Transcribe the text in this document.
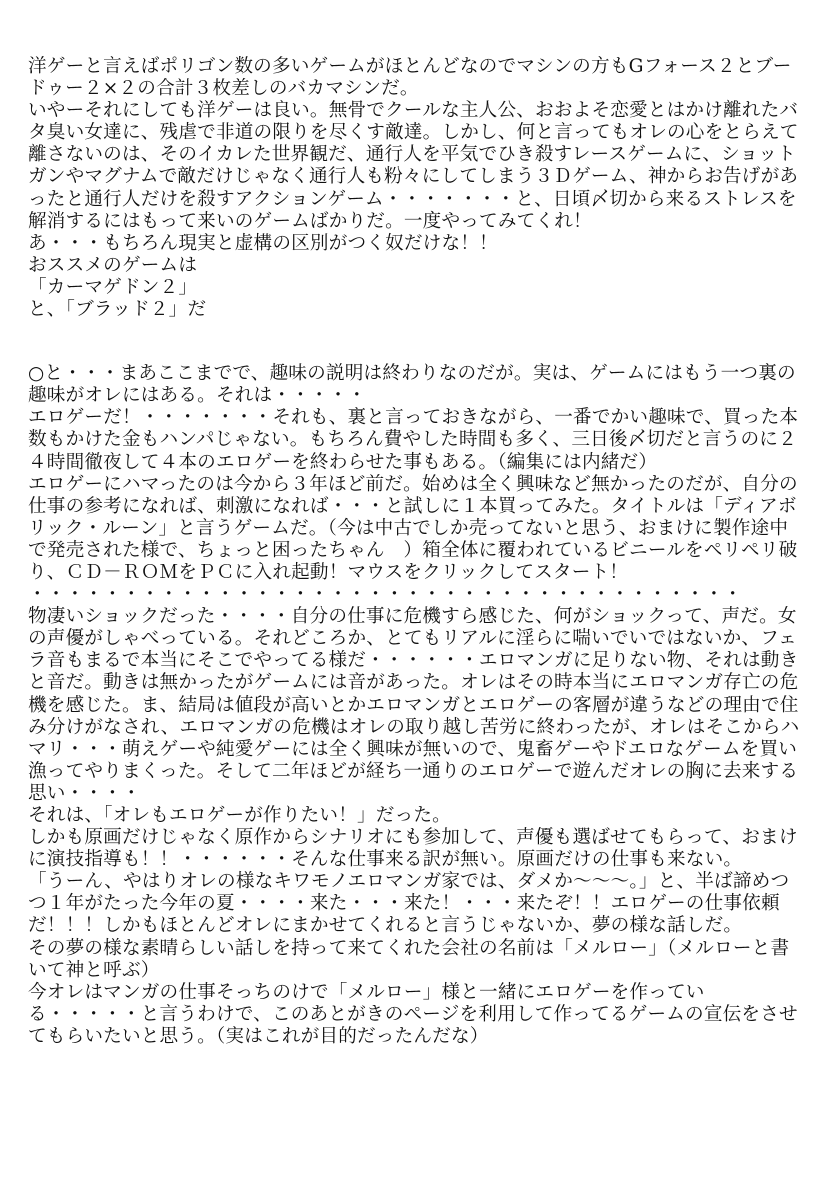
洋ゲーと言えばポリゴン数の多いゲームがほとんどなのでマシンの方もGフォース２とブードゥー２×２の合計３枚差しのバカマシンだ。

いやーそれにしても洋ゲーは良い。無骨でクールな主人公、おおよそ恋愛とはかけ離れたバタ臭い女達に、残虐で非道の限りを尽くす敵達。しかし、何と言ってもオレの心をとらえて離さないのは、そのイカレた世界観だ、通行人を平気でひき殺すレースゲームに、ショットガンやマグナムで敵だけじゃなく通行人も粉々にしてしまう３Ｄゲーム、神からお告げがあったと通行人だけを殺すアクションゲーム・・・・・・・と、日頃〆切から来るストレスを解消するにはもって来いのゲームばかりだ。一度やってみてくれ！

あ・・・もちろん現実と虚構の区別がつく奴だけな！！

おススメのゲームは

「カーマゲドン２」

と、「ブラッド２」だ

○と・・・まあここまでで、趣味の説明は終わりなのだが。実は、ゲームにはもう一つ裏の趣味がオレにはある。それは・・・・・

エロゲーだ！・・・・・・・それも、裏と言っておきながら、一番でかい趣味で、買った本数もかけた金もハンパじゃない。もちろん費やした時間も多く、三日後〆切だと言うのに２４時間徹夜して４本のエロゲーを終わらせた事もある。（編集には内緒だ）

エロゲーにハマったのは今から３年ほど前だ。始めは全く興味など無かったのだが、自分の仕事の参考になれば、刺激になれば・・・と試しに１本買ってみた。タイトルは「ディアボリック・ルーン」と言うゲームだ。（今は中古でしか売ってないと思う、おまけに製作途中で発売された様で、ちょっと困ったちゃん　）箱全体に覆われているビニールをペリペリ破り、ＣＤ－ＲＯＭをＰＣに入れ起動！マウスをクリックしてスタート！

・・・・・・・・・・・・・・・・・・・・・・・・・・・・・・・・・・・・・・

物凄いショックだった・・・・自分の仕事に危機すら感じた、何がショックって、声だ。女の声優がしゃべっている。それどころか、とてもリアルに淫らに喘いでいではないか、フェラ音もまるで本当にそこでやってる様だ・・・・・・エロマンガに足りない物、それは動きと音だ。動きは無かったがゲームには音があった。オレはその時本当にエロマンガ存亡の危機を感じた。ま、結局は値段が高いとかエロマンガとエロゲーの客層が違うなどの理由で住み分けがなされ、エロマンガの危機はオレの取り越し苦労に終わったが、オレはそこからハマリ・・・萌えゲーや純愛ゲーには全く興味が無いので、鬼畜ゲーやドエロなゲームを買い漁ってやりまくった。そして二年ほどが経ち一通りのエロゲーで遊んだオレの胸に去来する思い・・・・

それは、「オレもエロゲーが作りたい！」だった。

しかも原画だけじゃなく原作からシナリオにも参加して、声優も選ばせてもらって、おまけに演技指導も！！・・・・・・そんな仕事来る訳が無い。原画だけの仕事も来ない。

「うーん、やはりオレの様なキワモノエロマンガ家では、ダメか～～～。」と、半ば諦めつつ１年がたった今年の夏・・・・来た・・・来た！・・・来たぞ！！エロゲーの仕事依頼だ！！！しかもほとんどオレにまかせてくれると言うじゃないか、夢の様な話しだ。

その夢の様な素晴らしい話しを持って来てくれた会社の名前は「メルロー」（メルローと書いて神と呼ぶ）

今オレはマンガの仕事そっちのけで「メルロー」様と一緒にエロゲーを作っている・・・・・と言うわけで、このあとがきのページを利用して作ってるゲームの宣伝をさせてもらいたいと思う。（実はこれが目的だったんだな）
